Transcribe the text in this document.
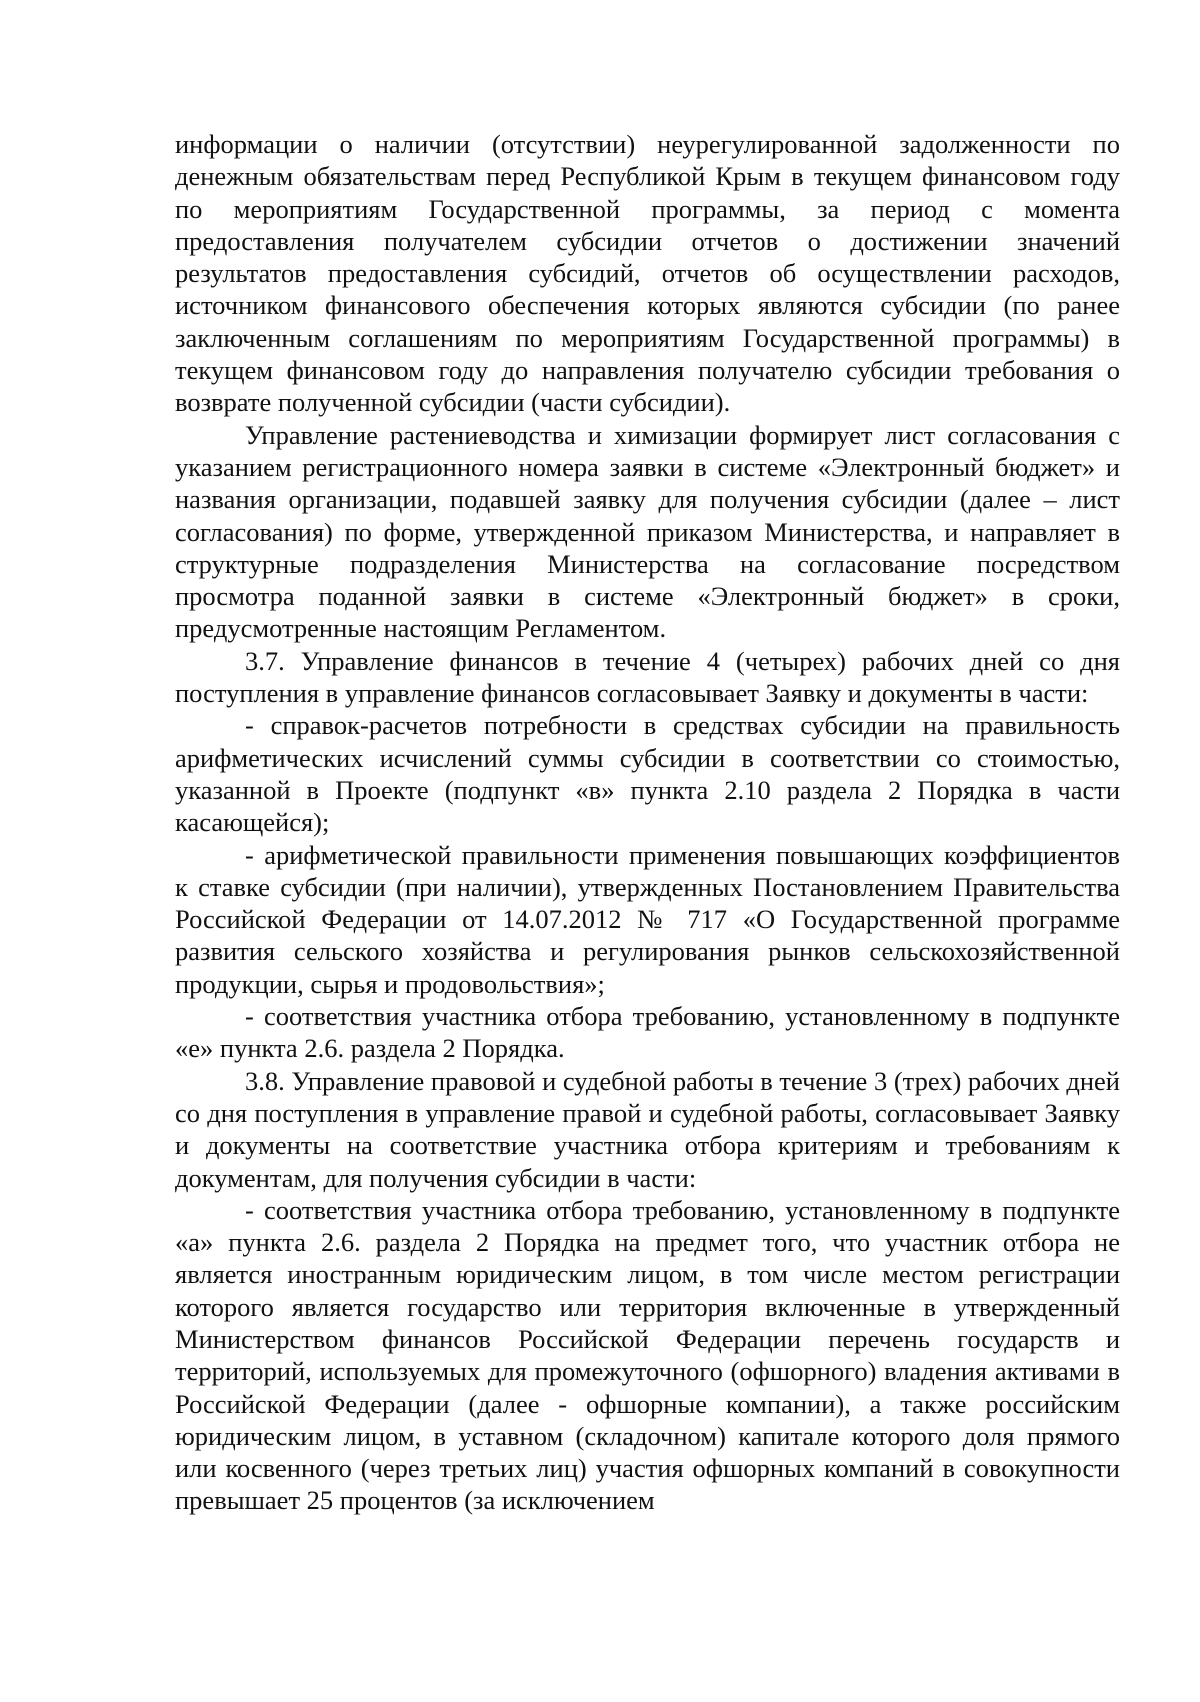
информации о наличии (отсутствии) неурегулированной задолженности по денежным обязательствам перед Республикой Крым в текущем финансовом году по мероприятиям Государственной программы, за период с момента предоставления получателем субсидии отчетов о достижении значений результатов предоставления субсидий, отчетов об осуществлении расходов, источником финансового обеспечения которых являются субсидии (по ранее заключенным соглашениям по мероприятиям Государственной программы) в текущем финансовом году до направления получателю субсидии требования о возврате полученной субсидии (части субсидии).

Управление растениеводства и химизации формирует лист согласования с указанием регистрационного номера заявки в системе «Электронный бюджет» и названия организации, подавшей заявку для получения субсидии (далее – лист согласования) по форме, утвержденной приказом Министерства, и направляет в структурные подразделения Министерства на согласование посредством просмотра поданной заявки в системе «Электронный бюджет» в сроки, предусмотренные настоящим Регламентом.

3.7. Управление финансов в течение 4 (четырех) рабочих дней со дня поступления в управление финансов согласовывает Заявку и документы в части:

- справок-расчетов потребности в средствах субсидии на правильность арифметических исчислений суммы субсидии в соответствии со стоимостью, указанной в Проекте (подпункт «в» пункта 2.10 раздела 2 Порядка в части касающейся);

- арифметической правильности применения повышающих коэффициентов к ставке субсидии (при наличии), утвержденных Постановлением Правительства Российской Федерации от 14.07.2012 № 717 «О Государственной программе развития сельского хозяйства и регулирования рынков сельскохозяйственной продукции, сырья и продовольствия»;

- соответствия участника отбора требованию, установленному в подпункте «е» пункта 2.6. раздела 2 Порядка.

3.8. Управление правовой и судебной работы в течение 3 (трех) рабочих дней со дня поступления в управление правой и судебной работы, согласовывает Заявку и документы на соответствие участника отбора критериям и требованиям к документам, для получения субсидии в части:

- соответствия участника отбора требованию, установленному в подпункте «а» пункта 2.6. раздела 2 Порядка на предмет того, что участник отбора не является иностранным юридическим лицом, в том числе местом регистрации которого является государство или территория включенные в утвержденный Министерством финансов Российской Федерации перечень государств и территорий, используемых для промежуточного (офшорного) владения активами в Российской Федерации (далее - офшорные компании), а также российским юридическим лицом, в уставном (складочном) капитале которого доля прямого или косвенного (через третьих лиц) участия офшорных компаний в совокупности превышает 25 процентов (за исключением
